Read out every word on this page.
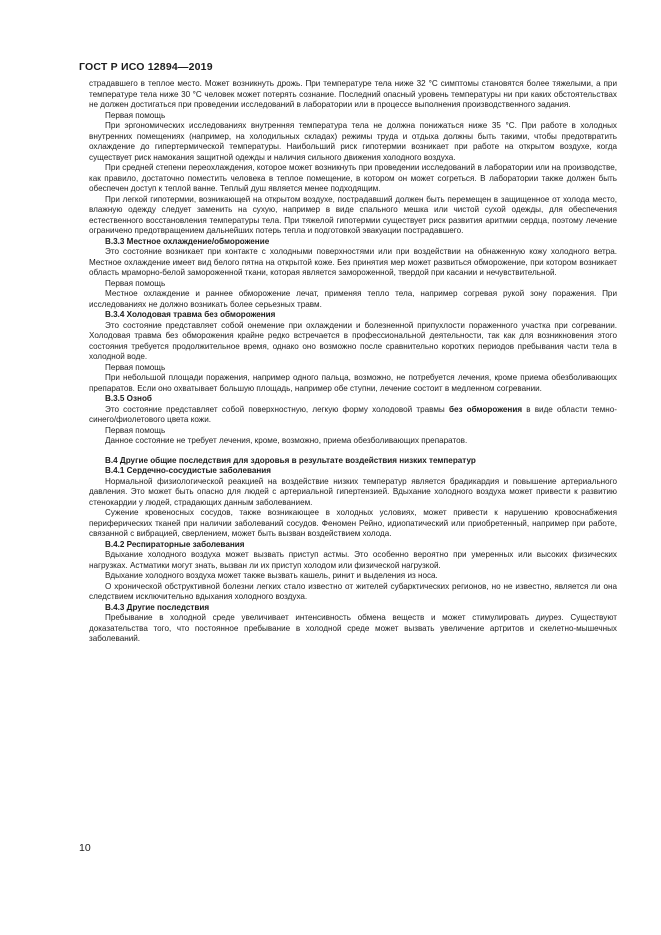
ГОСТ Р ИСО 12894—2019

страдавшего в теплое место. Может возникнуть дрожь. При температуре тела ниже 32 °С симптомы становятся более тяжелыми, а при температуре тела ниже 30 °С человек может потерять сознание. Последний опасный уровень температуры ни при каких обстоятельствах не должен достигаться при проведении исследований в лаборатории или в процессе выполнения производственного задания.

Первая помощь

При эргономических исследованиях внутренняя температура тела не должна понижаться ниже 35 °С. При работе в холодных внутренних помещениях (например, на холодильных складах) режимы труда и отдыха должны быть такими, чтобы предотвратить охлаждение до гипертермической температуры. Наибольший риск гипотермии возникает при работе на открытом воздухе, когда существует риск намокания защитной одежды и наличия сильного движения холодного воздуха.

При средней степени переохлаждения, которое может возникнуть при проведении исследований в лаборатории или на производстве, как правило, достаточно поместить человека в теплое помещение, в котором он может согреться. В лаборатории также должен быть обеспечен доступ к теплой ванне. Теплый душ является менее подходящим.

При легкой гипотермии, возникающей на открытом воздухе, пострадавший должен быть перемещен в защищенное от холода место, влажную одежду следует заменить на сухую, например в виде спального мешка или чистой сухой одежды, для обеспечения естественного восстановления температуры тела. При тяжелой гипотермии существует риск развития аритмии сердца, поэтому лечение ограничено предотвращением дальнейших потерь тепла и подготовкой эвакуации пострадавшего.

В.3.3 Местное охлаждение/обморожение

Это состояние возникает при контакте с холодными поверхностями или при воздействии на обнаженную кожу холодного ветра. Местное охлаждение имеет вид белого пятна на открытой коже. Без принятия мер может развиться обморожение, при котором возникает область мраморно-белой замороженной ткани, которая является замороженной, твердой при касании и нечувствительной.

Первая помощь

Местное охлаждение и раннее обморожение лечат, применяя тепло тела, например согревая рукой зону поражения. При исследованиях не должно возникать более серьезных травм.

В.3.4 Холодовая травма без обморожения

Это состояние представляет собой онемение при охлаждении и болезненной припухлости пораженного участка при согревании. Холодовая травма без обморожения крайне редко встречается в профессиональной деятельности, так как для возникновения этого состояния требуется продолжительное время, однако оно возможно после сравнительно коротких периодов пребывания части тела в холодной воде.

Первая помощь

При небольшой площади поражения, например одного пальца, возможно, не потребуется лечения, кроме приема обезболивающих препаратов. Если оно охватывает большую площадь, например обе ступни, лечение состоит в медленном согревании.

В.3.5 Озноб

Это состояние представляет собой поверхностную, легкую форму холодовой травмы без обморожения в виде области темно-синего/фиолетового цвета кожи.

Первая помощь

Данное состояние не требует лечения, кроме, возможно, приема обезболивающих препаратов.

В.4 Другие общие последствия для здоровья в результате воздействия низких температур

В.4.1 Сердечно-сосудистые заболевания

Нормальной физиологической реакцией на воздействие низких температур является брадикардия и повышение артериального давления. Это может быть опасно для людей с артериальной гипертензией. Вдыхание холодного воздуха может привести к развитию стенокардии у людей, страдающих данным заболеванием.

Сужение кровеносных сосудов, также возникающее в холодных условиях, может привести к нарушению кровоснабжения периферических тканей при наличии заболеваний сосудов. Феномен Рейно, идиопатический или приобретенный, например при работе, связанной с вибрацией, сверлением, может быть вызван воздействием холода.

В.4.2 Респираторные заболевания

Вдыхание холодного воздуха может вызвать приступ астмы. Это особенно вероятно при умеренных или высоких физических нагрузках. Астматики могут знать, вызван ли их приступ холодом или физической нагрузкой.

Вдыхание холодного воздуха может также вызвать кашель, ринит и выделения из носа.

О хронической обструктивной болезни легких стало известно от жителей субарктических регионов, но не известно, является ли она следствием исключительно вдыхания холодного воздуха.

В.4.3 Другие последствия

Пребывание в холодной среде увеличивает интенсивность обмена веществ и может стимулировать диурез. Существуют доказательства того, что постоянное пребывание в холодной среде может вызвать увеличение артритов и скелетно-мышечных заболеваний.

10
